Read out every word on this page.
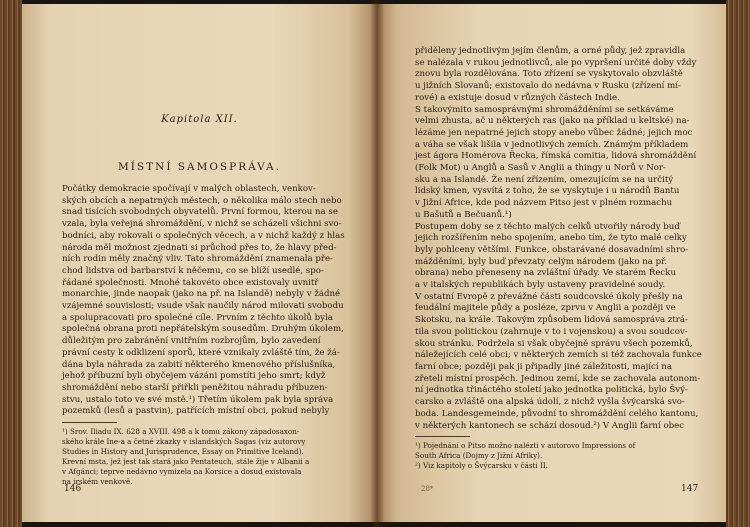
Kapitola XII.
MÍSTNÍ SAMOSPRÁVA.
Počátky demokracie spočívají v malých oblastech, venkov-
ských obcích a nepatrných městech, o několika málo stech nebo
snad tisících svobodných obyvatelů. První formou, kterou na se
vzala, byla veřejná shromáždění, v nichž se scházeli všichni svo-
bodníci, aby rokovali o společných věcech, a v nichž každý z hlas
národa měl možnost zjednati si průchod přes to, že hlavy před-
ních rodin měly značný vliv. Tato shromáždění znamenala pře-
chod lidstva od barbarství k něčemu, co se blíží usedlé, spo-
řádané společnosti. Mnohé takovéto obce existovaly uvnitř
monarchie, jinde naopak (jako na př. na Islandě) nebyly v žádné
vzájemné souvislosti; vsude však naučily národ milovati svobodu
a spolupracovati pro společné cíle. Prvním z těchto úkolů byla
společná obrana proti nepřátelským sousedům. Druhým úkolem,
důležitým pro zabránění vnitřním rozbrojům, bylo zavedení
právní cesty k odklizení sporů, které vznikaly zvláště tím, že žá-
dána byla náhrada za zabití některého kmenového příslušníka,
jehož příbuzní byli obyčejem vázáni pomstíti jeho smrt; když
shromáždění nebo starší přiřkli peněžitou náhradu příbuzen-
stvu, ustalo toto ve své mstě.¹) Třetím úkolem pak byla správa
pozemků (lesů a pastvin), patřících místní obci, pokud nebyly
¹) Srov. Iliadu IX. 628 a XVIII. 498 a k tomu zákony západosaxon-
ského krále Ine-a a četné zkazky v islandských Sagas (viz autorovy
Studies in History and Jurisprudence, Essay on Primitive Iceland).
Krevní msta, jež jest tak stará jako Pentateuch, stále žije v Albanii a
v Afgánci; teprve nedávno vymizela na Korsice a dosud existovala
na irském venkově.
146
přiděleny jednotlivým jejím členům, a orné půdy, jež zpravidla
se nalézala v rukou jednotlivců, ale po vypršení určité doby vždy
znovu byla rozdělována. Toto zřízení se vyskytovalo obzvláště
u jižních Slovanů; existovalo do nedávna v Rusku (zřízení mí-
rové) a existuje dosud v různých částech Indie.
S takovýmito samosprávnými shromážděními se setkáváme
velmi zhusta, ač u některých ras (jako na příklad u keltské) na-
lézáme jen nepatrné jejich stopy anebo vůbec žádné; jejich moc
a váha se však lišila v jednotlivých zemích. Známým příkladem
jest ágora Homérova Řecka, římská comitia, lidová shromáždění
(Folk Mot) u Anglů a Sasů v Anglii a thingy u Norů v Nor-
sku a na Islandě. Že není zřízením, omezujícím se na určitý
lidský kmen, vysvítá z toho, že se vyskytuje i u národů Bantu
v Jižní Africe, kde pod názvem Pitso jest v plném rozmachu
u Bašutů a Bečuanů.¹)
Postupem doby se z těchto malých celků utvořily národy buď
jejich rozšířením nebo spojením, anebo tím, že tyto malé celky
byly pohlceny většími. Funkce, obstarávané dosavadními shro-
mážděními, byly buď převzaty celým národem (jako na př.
obrana) nebo přeneseny na zvláštní úřady. Ve starém Řecku
a v italských republikách byly ustaveny pravidelné soudy.
V ostatní Evropě z převážné části soudcovské úkoly přešly na
feudální majitele půdy a posléze, zprvu v Anglii a později ve
Skotsku, na krále. Takovým způsobem lidová samospráva ztrá-
tila svou politickou (zahrnuje v to i vojenskou) a svou soudcov-
skou stránku. Podržela si však obyčejně správu všech pozemků,
náležejících celé obci; v některých zemích si též zachovala funkce
farní obce; později pak ji připadly jiné záležitosti, mající na
zřeteli místní prospěch. Jedinou zemí, kde se zachovala autonom-
ní jednotka třináctého století jako jednotka politická, bylo Švý-
carsko a zvláště ona alpská údolí, z nichž vyšla švýcarská svo-
boda. Landesgemeinde, původní to shromáždění celého kantonu,
v některých kantonech se schází dosoud.²) V Anglii farní obec
¹) Pojednání o Pitso možno nalézti v autorovo Impressions of
South Africa (Dojmy z Jižní Afriky).
²) Viz kapitoly o Švýcarsku v části II.
28*	147
